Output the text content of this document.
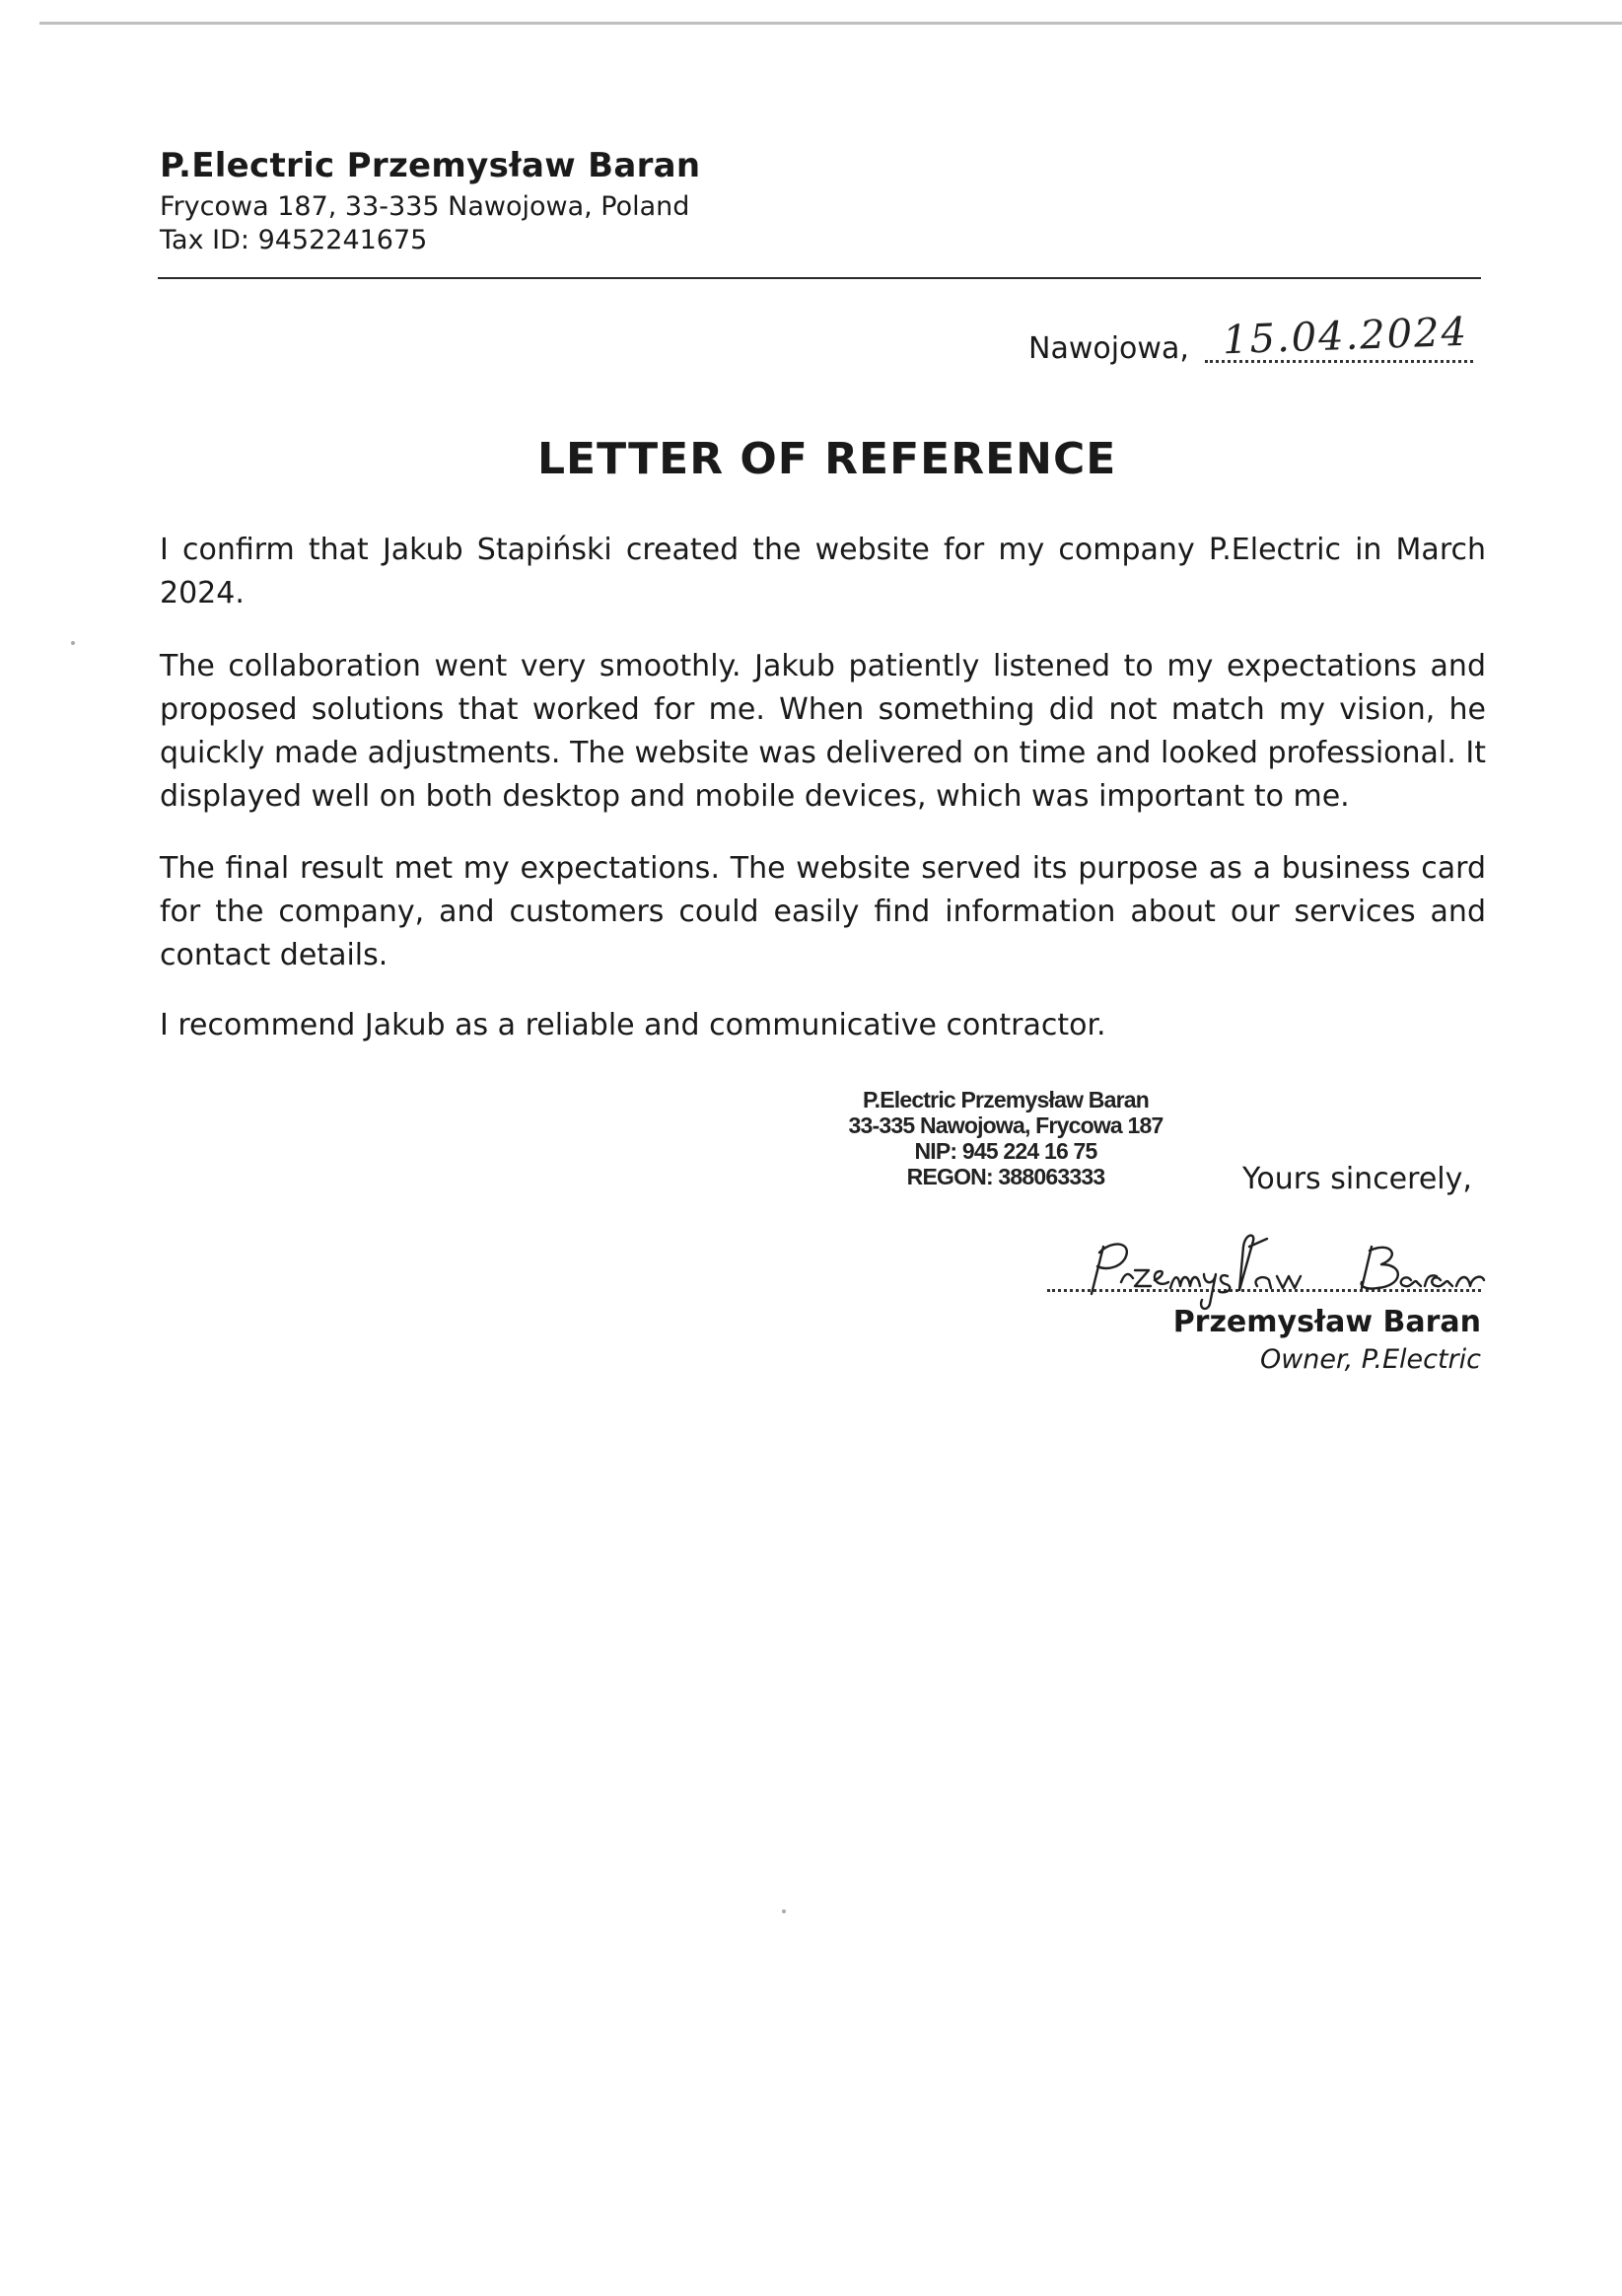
P.Electric Przemysław Baran
Frycowa 187, 33-335 Nawojowa, Poland
Tax ID: 9452241675
Nawojowa, 15.04.2024
LETTER OF REFERENCE

I confirm that Jakub Stapiński created the website for my company P.Electric in March 2024.

The collaboration went very smoothly. Jakub patiently listened to my expectations and proposed solutions that worked for me. When something did not match my vision, he quickly made adjustments. The website was delivered on time and looked professional. It displayed well on both desktop and mobile devices, which was important to me.

The final result met my expectations. The website served its purpose as a business card for the company, and customers could easily find information about our services and contact details.

I recommend Jakub as a reliable and communicative contractor.

P.Electric Przemysław Baran
33-335 Nawojowa, Frycowa 187
NIP: 945 224 16 75
REGON: 388063333	Yours sincerely,
Przemysław Baran
Owner, P.Electric
